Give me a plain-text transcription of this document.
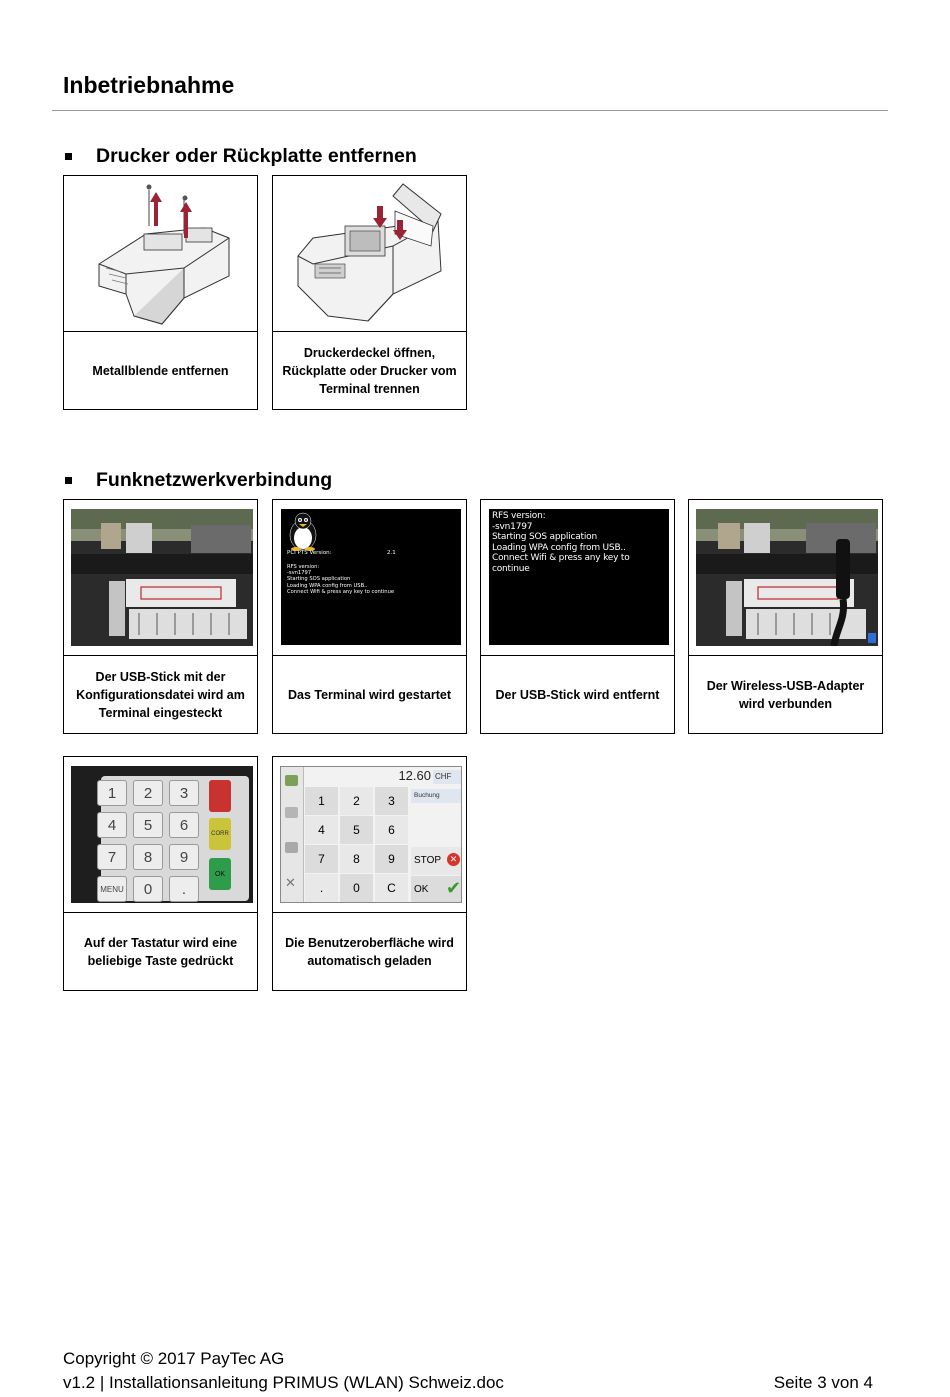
Inbetriebnahme
Drucker oder Rückplatte entfernen
Metallblende entfernen
Druckerdeckel öffnen, Rückplatte oder Drucker vom Terminal trennen
Funknetzwerkverbindung
Der USB-Stick mit der Konfigurationsdatei wird am Terminal eingesteckt
PCI PTS Version:	2.1
RFS version:
-svn1797
Starting SOS application
Loading WPA config from USB..
Connect Wifi & press any key to continue
Das Terminal wird gestartet
RFS version:
-svn1797
Starting SOS application
Loading WPA config from USB..
Connect Wifi & press any key to continue
Der USB-Stick wird entfernt
Der Wireless-USB-Adapter wird verbunden
1	2	3
4	5	6
7	8	9
MENU	0	.
CORR
OK
Auf der Tastatur wird eine beliebige Taste gedrückt
✕
12.60 CHF
Buchung
1	2	3
4	5	6
7	8	9
.	0	C
STOP ✕
OK ✔
Die Benutzeroberfläche wird automatisch geladen
Copyright © 2017 PayTec AG
v1.2 | Installationsanleitung PRIMUS (WLAN) Schweiz.doc	Seite 3 von 4
